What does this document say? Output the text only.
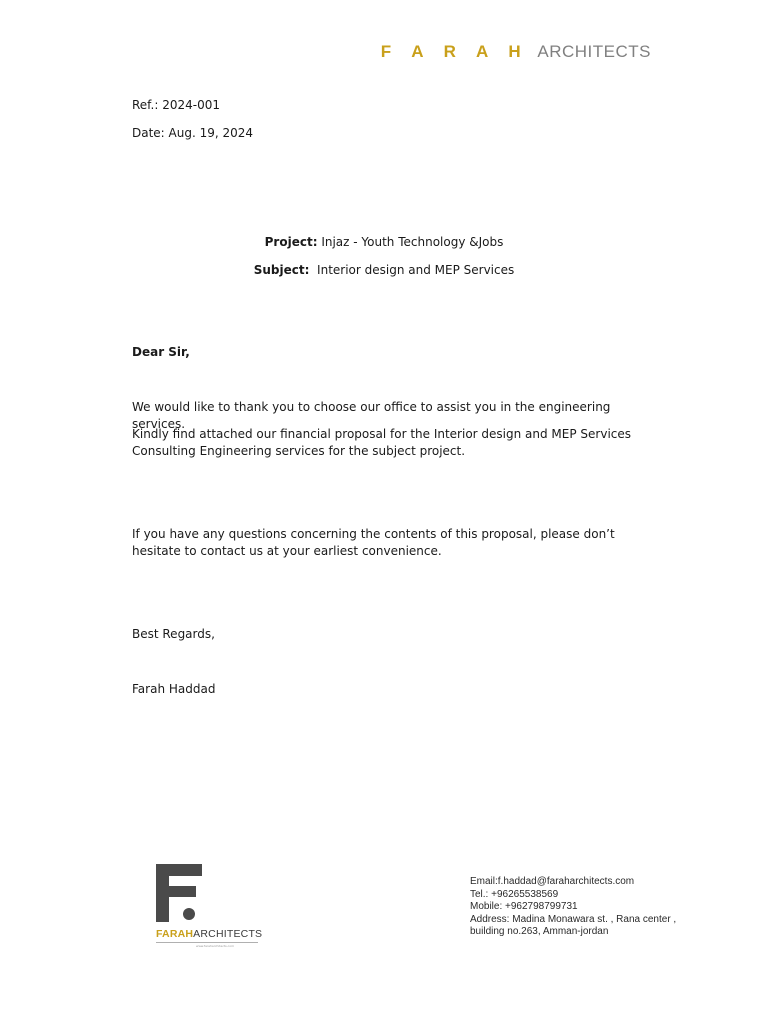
F A R A H ARCHITECTS
Ref.: 2024-001
Date: Aug. 19, 2024
Project: Injaz - Youth Technology &Jobs
Subject:  Interior design and MEP Services
Dear Sir,
We would like to thank you to choose our office to assist you in the engineering services.
Kindly find attached our financial proposal for the Interior design and MEP Services Consulting Engineering services for the subject project.
If you have any questions concerning the contents of this proposal, please don’t hesitate to contact us at your earliest convenience.
Best Regards,
Farah Haddad
FARAHARCHITECTS
www.faraharchitects.com
Email:f.haddad@faraharchitects.com
Tel.: +96265538569
Mobile: +962798799731
Address: Madina Monawara st. , Rana center ,
building no.263, Amman-jordan
